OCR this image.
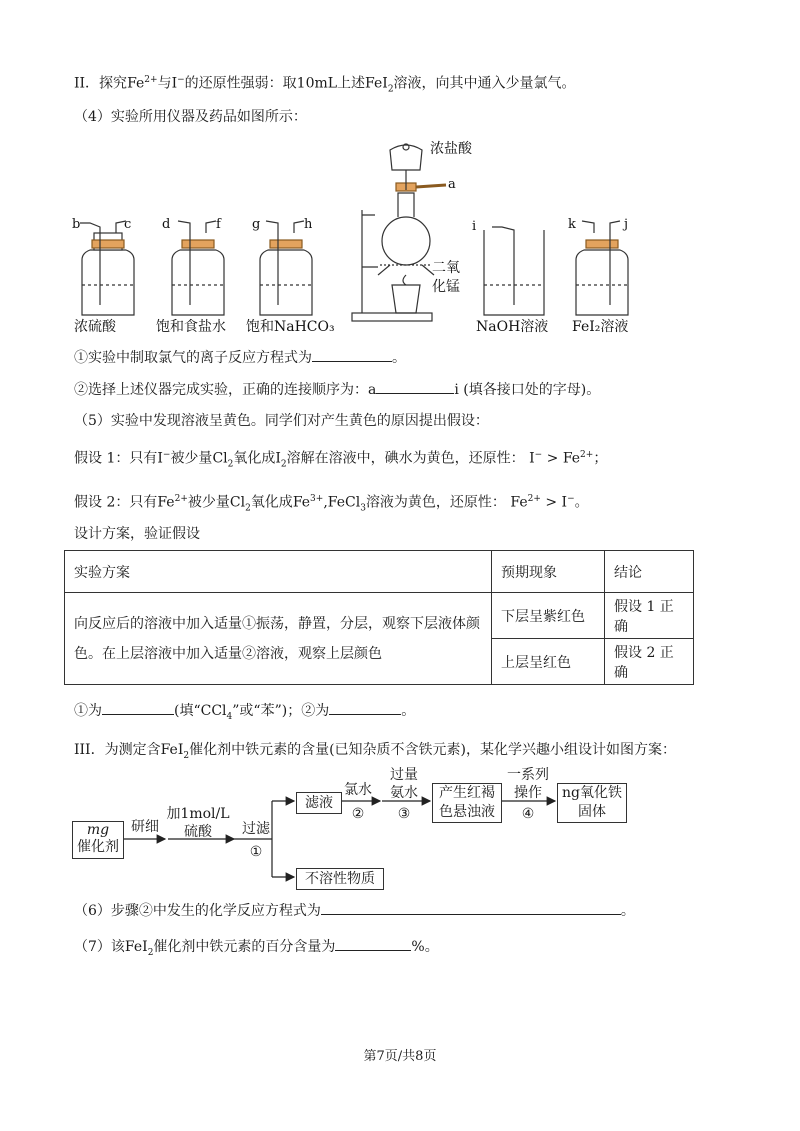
II．探究$Fe^{2+}$与I−的还原性强弱：取10mL上述FeI$_2$溶液，向其中通入少量氯气。
（4）实验所用仪器及药品如图所示：
b	c d	f g	h
a
i	k	j
浓盐酸
二氧
化锰
浓硫酸	饱和食盐水 饱和NaHCO₃	NaOH溶液 FeI₂溶液
①实验中制取氯气的离子反应方程式为	。
②选择上述仪器完成实验，正确的连接顺序为：a	i (填各接口处的字母)。
（5）实验中发现溶液呈黄色。同学们对产生黄色的原因提出假设：
假设 1：只有I−被少量$Cl_2$氧化成$I_2$溶解在溶液中，碘水为黄色，还原性： $I^- > Fe^{2+}$；
假设 2：只有$Fe^{2+}$被少量$Cl_2$氧化成$Fe^{3+},FeCl_3$溶液为黄色，还原性： $Fe^{2+} > I^-$。
设计方案，验证假设
实验方案	预期现象	结论

向反应后的溶液中加入适量①振荡，静置，分层，观察下层液体颜
色。在上层溶液中加入适量②溶液，观察上层颜色	下层呈紫红色	假设 1 正确
	上层呈红色	假设 2 正确
①为	(填“CCl$_4$”或“苯”)；②为	。
III．为测定含FeI$_2$催化剂中铁元素的含量(已知杂质不含铁元素)，某化学兴趣小组设计如图方案：
mg
催化剂
研细
加1mol/L
硫酸	过滤
①
滤液
氯水
②
过量
氨水
③
产生红褐
色悬浊液
一系列
操作
④
ng氧化铁
固体
不溶性物质
（6）步骤②中发生的化学反应方程式为	。
（7）该FeI$_2$催化剂中铁元素的百分含量为	%。
第7页/共8页
